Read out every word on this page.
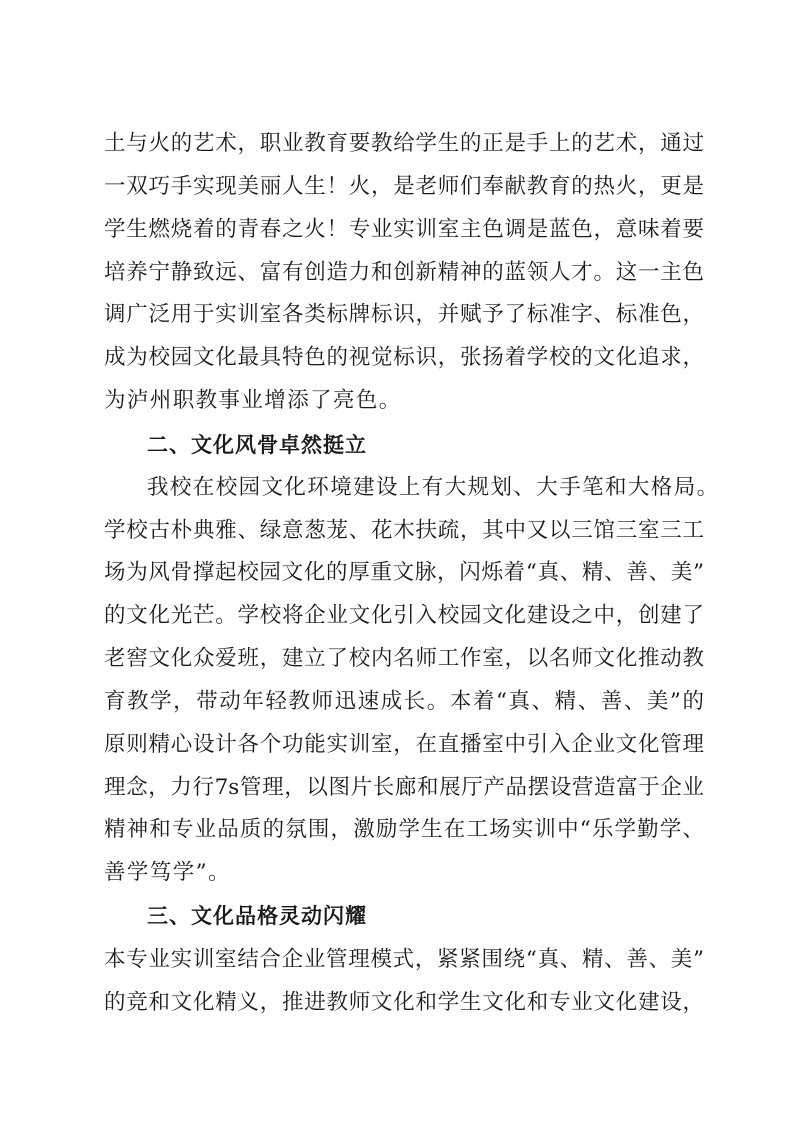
土与火的艺术，职业教育要教给学生的正是手上的艺术，通过
一双巧手实现美丽人生！火，是老师们奉献教育的热火，更是
学生燃烧着的青春之火！专业实训室主色调是蓝色，意味着要
培养宁静致远、富有创造力和创新精神的蓝领人才。这一主色
调广泛用于实训室各类标牌标识，并赋予了标准字、标准色，
成为校园文化最具特色的视觉标识，张扬着学校的文化追求，
为泸州职教事业增添了亮色。
二、文化风骨卓然挺立
我校在校园文化环境建设上有大规划、大手笔和大格局。
学校古朴典雅、绿意葱茏、花木扶疏，其中又以三馆三室三工
场为风骨撑起校园文化的厚重文脉，闪烁着“真、精、善、美”
的文化光芒。学校将企业文化引入校园文化建设之中，创建了
老窖文化众爱班，建立了校内名师工作室，以名师文化推动教
育教学，带动年轻教师迅速成长。本着“真、精、善、美”的
原则精心设计各个功能实训室，在直播室中引入企业文化管理
理念，力行7s管理，以图片长廊和展厅产品摆设营造富于企业
精神和专业品质的氛围，激励学生在工场实训中“乐学勤学、
善学笃学”。
三、文化品格灵动闪耀
本专业实训室结合企业管理模式，紧紧围绕“真、精、善、美”
的竞和文化精义，推进教师文化和学生文化和专业文化建设，
